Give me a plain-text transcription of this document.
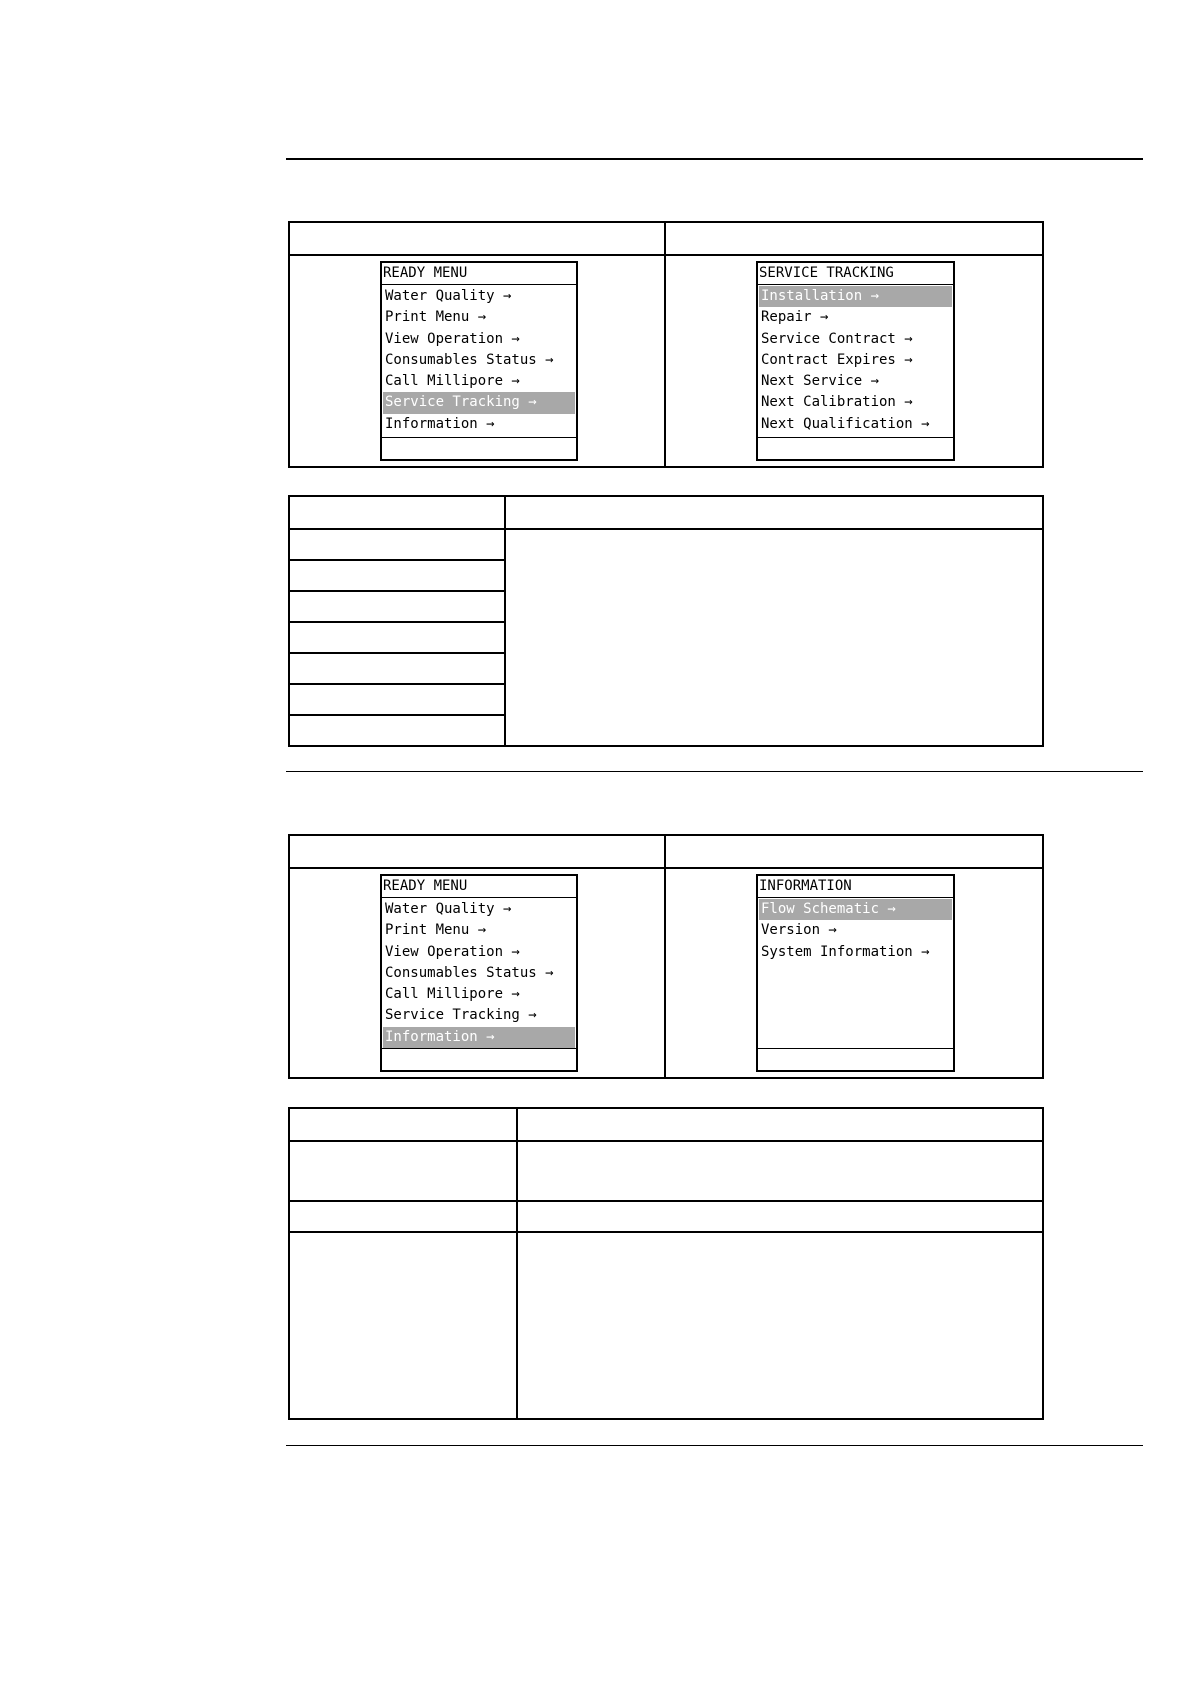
READY MENU
Water Quality →
Print Menu →
View Operation →
Consumables Status →
Call Millipore →
Service Tracking →
Information →
SERVICE TRACKING
Installation →
Repair →
Service Contract →
Contract Expires →
Next Service →
Next Calibration →
Next Qualification →

READY MENU
Water Quality →
Print Menu →
View Operation →
Consumables Status →
Call Millipore →
Service Tracking →
Information →
INFORMATION
Flow Schematic →
Version →
System Information →
